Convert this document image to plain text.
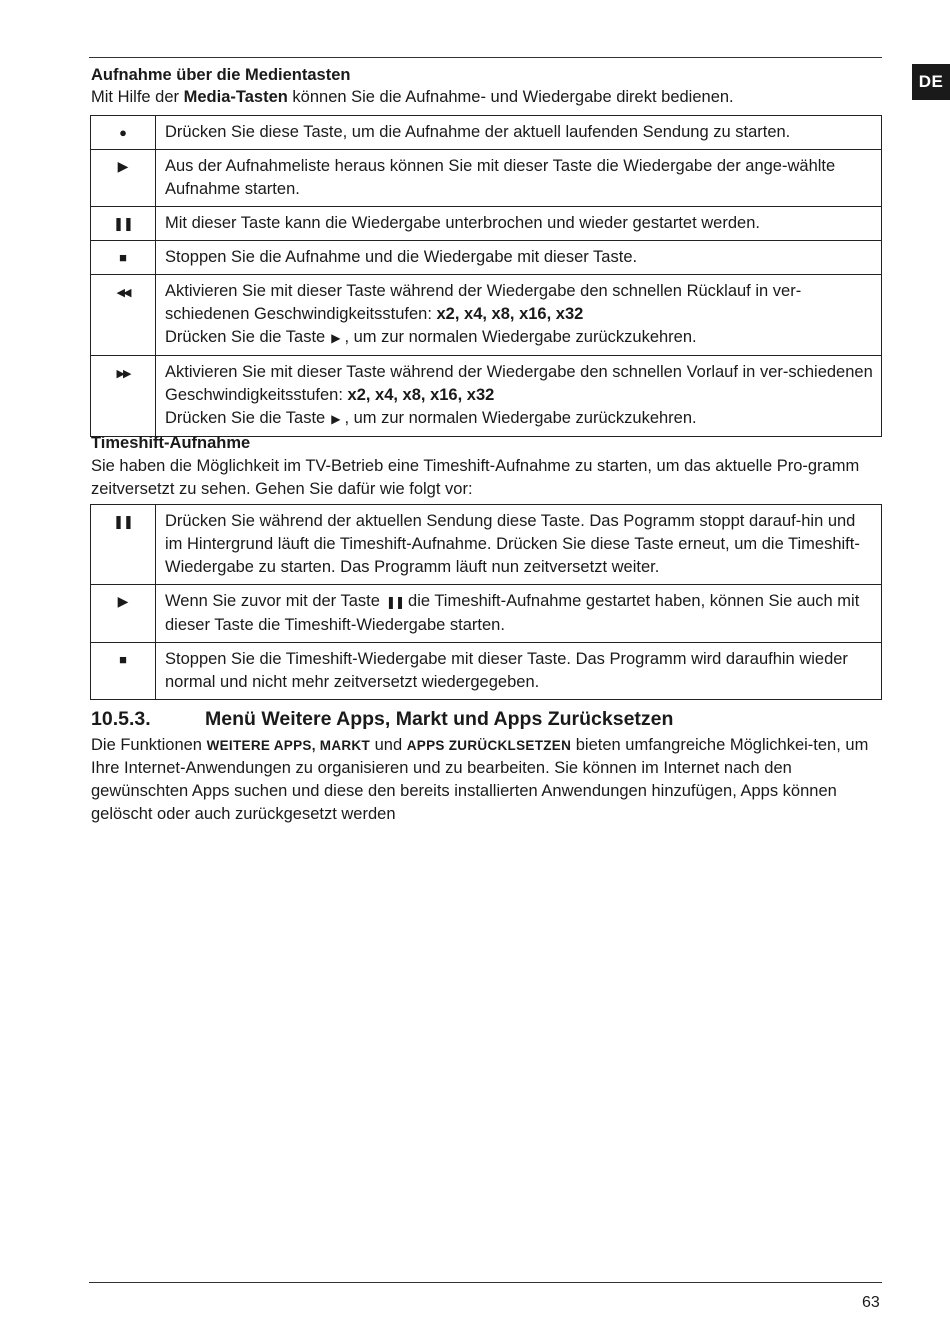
DE

Aufnahme über die Medientasten

Mit Hilfe der Media-Tasten können Sie die Aufnahme- und Wiedergabe direkt bedienen.

●	Drücken Sie diese Taste, um die Aufnahme der aktuell laufenden Sendung zu starten.
▶	Aus der Aufnahmeliste heraus können Sie mit dieser Taste die Wiedergabe der ange-wählte Aufnahme starten.
❚❚	Mit dieser Taste kann die Wiedergabe unterbrochen und wieder gestartet werden.
■	Stoppen Sie die Aufnahme und die Wiedergabe mit dieser Taste.
◀◀	Aktivieren Sie mit dieser Taste während der Wiedergabe den schnellen Rücklauf in ver-schiedenen Geschwindigkeitsstufen: x2, x4, x8, x16, x32
Drücken Sie die Taste ▶ , um zur normalen Wiedergabe zurückzukehren.
▶▶	Aktivieren Sie mit dieser Taste während der Wiedergabe den schnellen Vorlauf in ver-schiedenen Geschwindigkeitsstufen: x2, x4, x8, x16, x32
Drücken Sie die Taste ▶ , um zur normalen Wiedergabe zurückzukehren.

Timeshift-Aufnahme

Sie haben die Möglichkeit im TV-Betrieb eine Timeshift-Aufnahme zu starten, um das aktuelle Pro-gramm zeitversetzt zu sehen. Gehen Sie dafür wie folgt vor:

❚❚	Drücken Sie während der aktuellen Sendung diese Taste. Das Pogramm stoppt darauf-hin und im Hintergrund läuft die Timeshift-Aufnahme. Drücken Sie diese Taste erneut, um die Timeshift-Wiedergabe zu starten. Das Programm läuft nun zeitversetzt weiter.
▶	Wenn Sie zuvor mit der Taste ❚❚ die Timeshift-Aufnahme gestartet haben, können Sie auch mit dieser Taste die Timeshift-Wiedergabe starten.
■	Stoppen Sie die Timeshift-Wiedergabe mit dieser Taste. Das Programm wird daraufhin wieder normal und nicht mehr zeitversetzt wiedergegeben.
10.5.3.	Menü Weitere Apps, Markt und Apps Zurücksetzen

Die Funktionen WEITERE APPS, MARKT und APPS ZURÜCKLSETZEN bieten umfangreiche Möglichkei-ten, um Ihre Internet-Anwendungen zu organisieren und zu bearbeiten. Sie können im Internet nach den gewünschten Apps suchen und diese den bereits installierten Anwendungen hinzufügen, Apps können gelöscht oder auch zurückgesetzt werden

63
